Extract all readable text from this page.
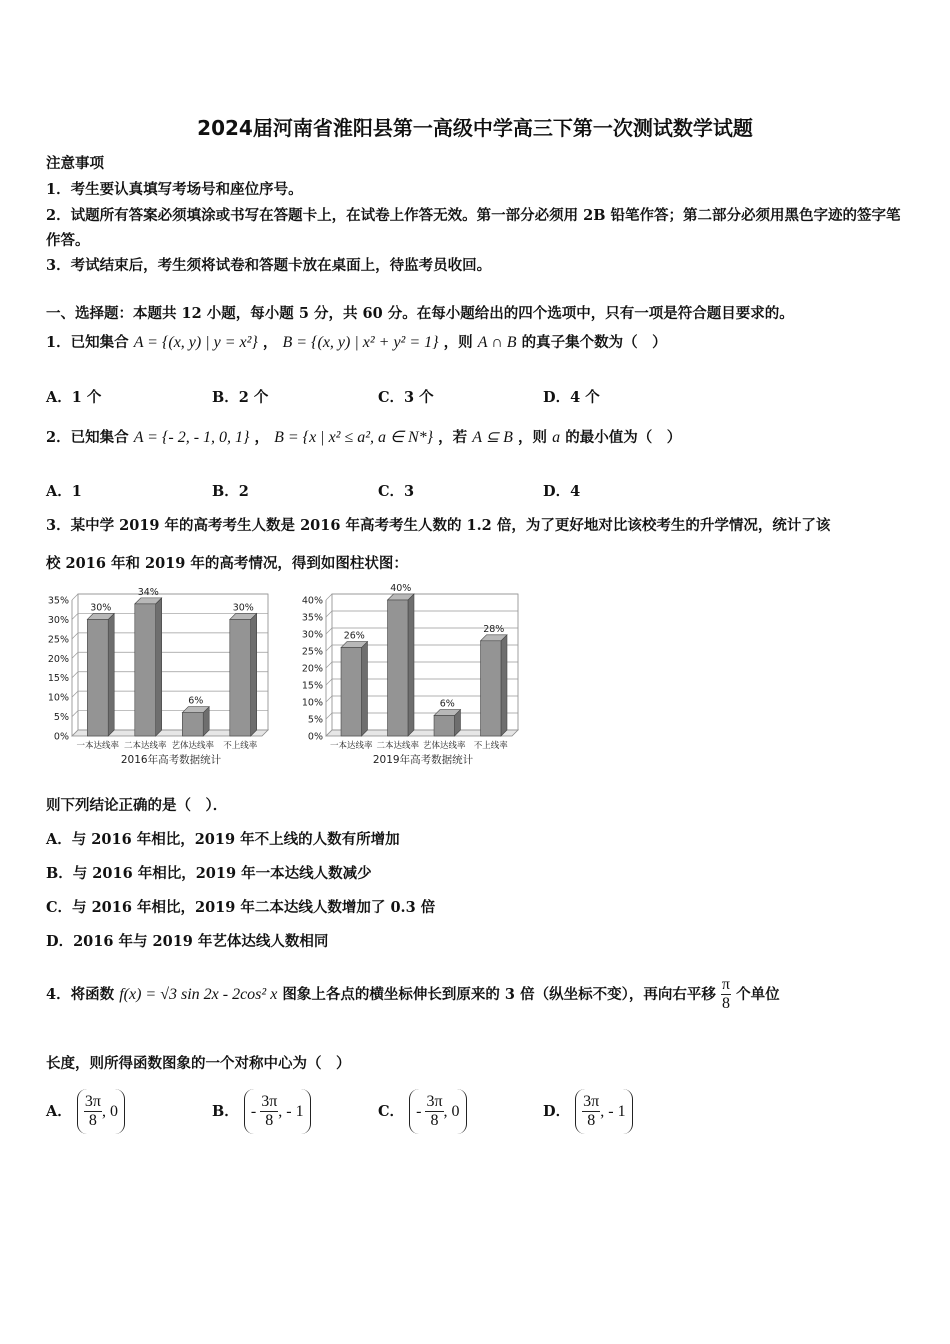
2024届河南省淮阳县第一高级中学高三下第一次测试数学试题
注意事项
1．考生要认真填写考场号和座位序号。
2．试题所有答案必须填涂或书写在答题卡上，在试卷上作答无效。第一部分必须用 2B 铅笔作答；第二部分必须用黑色字迹的签字笔作答。
3．考试结束后，考生须将试卷和答题卡放在桌面上，待监考员收回。
一、选择题：本题共 12 小题，每小题 5 分，共 60 分。在每小题给出的四个选项中，只有一项是符合题目要求的。
1．已知集合 A = {(x, y) | y = x²} ， B = {(x, y) | x² + y² = 1} ，则 A ∩ B 的真子集个数为（　）
A．1 个	B．2 个	C．3 个	D．4 个
2．已知集合 A = {- 2, - 1, 0, 1} ， B = {x | x² ≤ a², a ∈ N*} ，若 A ⊆ B ，则 a 的最小值为（　）
A．1	B．2	C．3	D．4
3．某中学 2019 年的高考考生人数是 2016 年高考考生人数的 1.2 倍，为了更好地对比该校考生的升学情况，统计了该
校 2016 年和 2019 年的高考情况，得到如图柱状图：
0%
5%
10%
15%
20%
25%
30%
35%
30%
一本达线率
34%
二本达线率
6%
艺体达线率
30%
不上线率
2016年高考数据统计
0%
5%
10%
15%
20%
25%
30%
35%
40%
26%
一本达线率
40%
二本达线率
6%
艺体达线率
28%
不上线率
2019年高考数据统计
则下列结论正确的是（　）．
A．与 2016 年相比，2019 年不上线的人数有所增加
B．与 2016 年相比，2019 年一本达线人数减少
C．与 2016 年相比，2019 年二本达线人数增加了 0.3 倍
D．2016 年与 2019 年艺体达线人数相同
4．将函数 f(x) = √3 sin 2x - 2cos² x 图象上各点的横坐标伸长到原来的 3 倍（纵坐标不变），再向右平移 $\frac{\pi}{8}$ 个单位
长度，则所得函数图象的一个对称中心为（　）
A． $\frac{3\pi}{8}$ , 0	B． - $\frac{3\pi}{8}$ , - 1	C． - $\frac{3\pi}{8}$ , 0	D． $\frac{3\pi}{8}$ , - 1
